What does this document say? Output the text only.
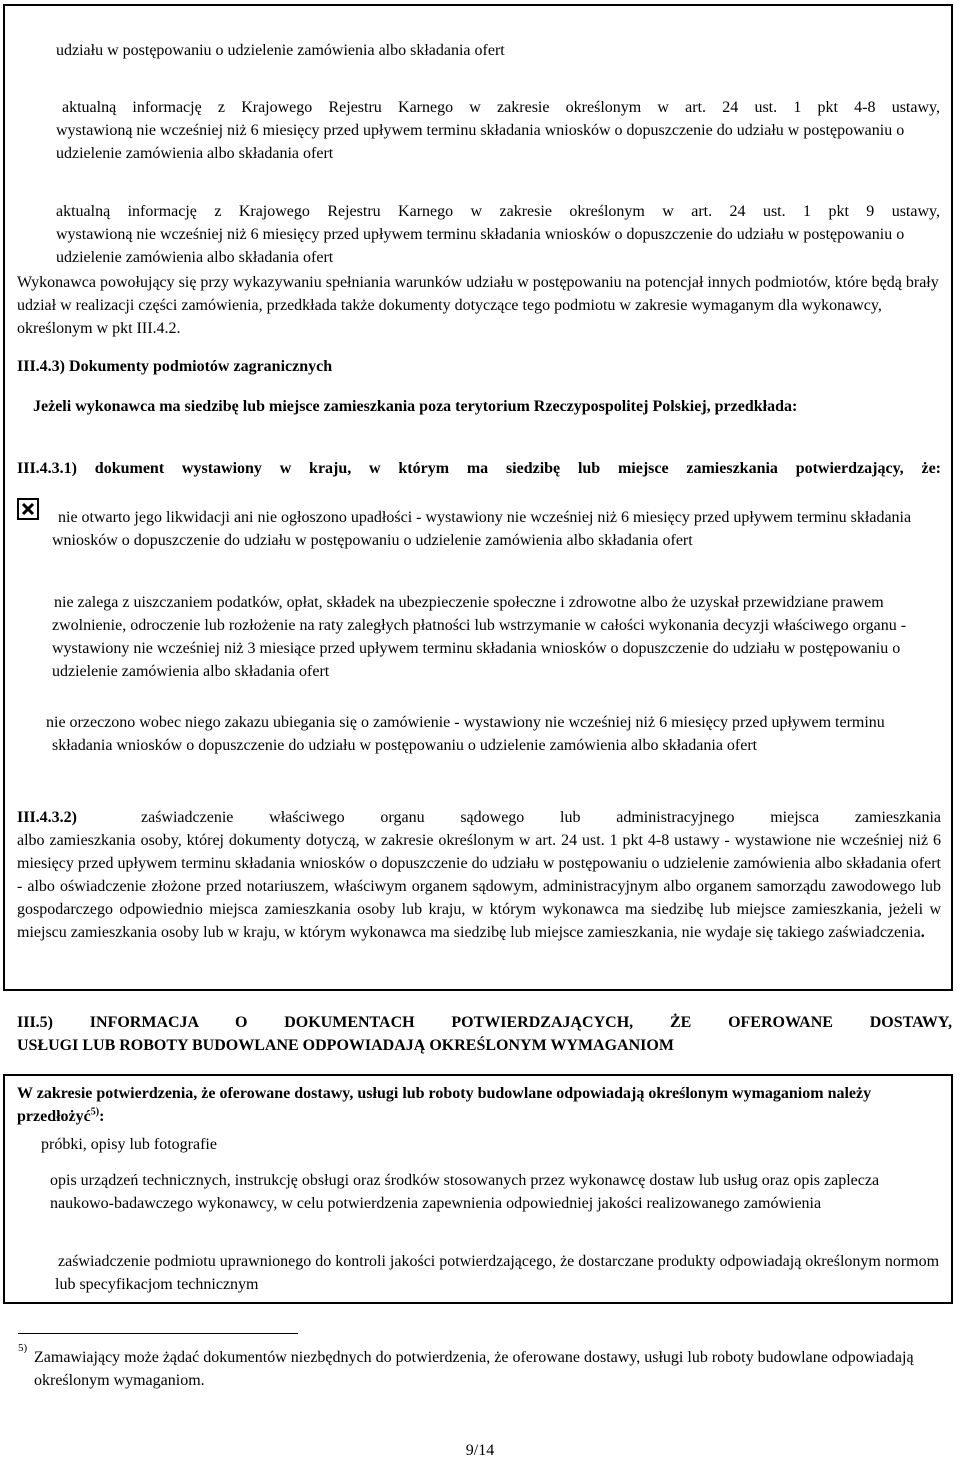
udziału w postępowaniu o udzielenie zamówienia albo składania ofert

aktualną informację z Krajowego Rejestru Karnego w zakresie określonym w art. 24 ust. 1 pkt 4-8 ustawy,

wystawioną nie wcześniej niż 6 miesięcy przed upływem terminu składania wniosków o dopuszczenie do udziału w postępowaniu o udzielenie zamówienia albo składania ofert

aktualną informację z Krajowego Rejestru Karnego w zakresie określonym w art. 24 ust. 1 pkt 9 ustawy,

wystawioną nie wcześniej niż 6 miesięcy przed upływem terminu składania wniosków o dopuszczenie do udziału w postępowaniu o udzielenie zamówienia albo składania ofert

Wykonawca powołujący się przy wykazywaniu spełniania warunków udziału w postępowaniu na potencjał innych podmiotów, które będą brały udział w realizacji części zamówienia, przedkłada także dokumenty dotyczące tego podmiotu w zakresie wymaganym dla wykonawcy, określonym w pkt III.4.2.

III.4.3) Dokumenty podmiotów zagranicznych

Jeżeli wykonawca ma siedzibę lub miejsce zamieszkania poza terytorium Rzeczypospolitej Polskiej, przedkłada:

III.4.3.1) dokument wystawiony w kraju, w którym ma siedzibę lub miejsce zamieszkania potwierdzający, że:

nie otwarto jego likwidacji ani nie ogłoszono upadłości - wystawiony nie wcześniej niż 6 miesięcy przed upływem terminu składania wniosków o dopuszczenie do udziału w postępowaniu o udzielenie zamówienia albo składania ofert

nie zalega z uiszczaniem podatków, opłat, składek na ubezpieczenie społeczne i zdrowotne albo że uzyskał przewidziane prawem zwolnienie, odroczenie lub rozłożenie na raty zaległych płatności lub wstrzymanie w całości wykonania decyzji właściwego organu - wystawiony nie wcześniej niż 3 miesiące przed upływem terminu składania wniosków o dopuszczenie do udziału w postępowaniu o udzielenie zamówienia albo składania ofert

nie orzeczono wobec niego zakazu ubiegania się o zamówienie - wystawiony nie wcześniej niż 6 miesięcy przed upływem terminu składania wniosków o dopuszczenie do udziału w postępowaniu o udzielenie zamówienia albo składania ofert

III.4.3.2)	zaświadczenie właściwego organu sądowego lub administracyjnego miejsca zamieszkania
albo zamieszkania osoby, której dokumenty dotyczą, w zakresie określonym w art. 24 ust. 1 pkt 4-8 ustawy - wystawione nie wcześniej niż 6 miesięcy przed upływem terminu składania wniosków o dopuszczenie do udziału w postępowaniu o udzielenie zamówienia albo składania ofert - albo oświadczenie złożone przed notariuszem, właściwym organem sądowym, administracyjnym albo organem samorządu zawodowego lub gospodarczego odpowiednio miejsca zamieszkania osoby lub kraju, w którym wykonawca ma siedzibę lub miejsce zamieszkania, jeżeli w miejscu zamieszkania osoby lub w kraju, w którym wykonawca ma siedzibę lub miejsce zamieszkania, nie wydaje się takiego zaświadczenia.

III.5) INFORMACJA O DOKUMENTACH POTWIERDZAJĄCYCH, ŻE OFEROWANE DOSTAWY,

USŁUGI LUB ROBOTY BUDOWLANE ODPOWIADAJĄ OKREŚLONYM WYMAGANIOM

W zakresie potwierdzenia, że oferowane dostawy, usługi lub roboty budowlane odpowiadają określonym wymaganiom należy przedłożyć$^{5)}$:

próbki, opisy lub fotografie

opis urządzeń technicznych, instrukcję obsługi oraz środków stosowanych przez wykonawcę dostaw lub usług oraz opis zaplecza naukowo-badawczego wykonawcy, w celu potwierdzenia zapewnienia odpowiedniej jakości realizowanego zamówienia

zaświadczenie podmiotu uprawnionego do kontroli jakości potwierdzającego, że dostarczane produkty odpowiadają określonym normom lub specyfikacjom technicznym

5)

Zamawiający może żądać dokumentów niezbędnych do potwierdzenia, że oferowane dostawy, usługi lub roboty budowlane odpowiadają określonym wymaganiom.

9/14
